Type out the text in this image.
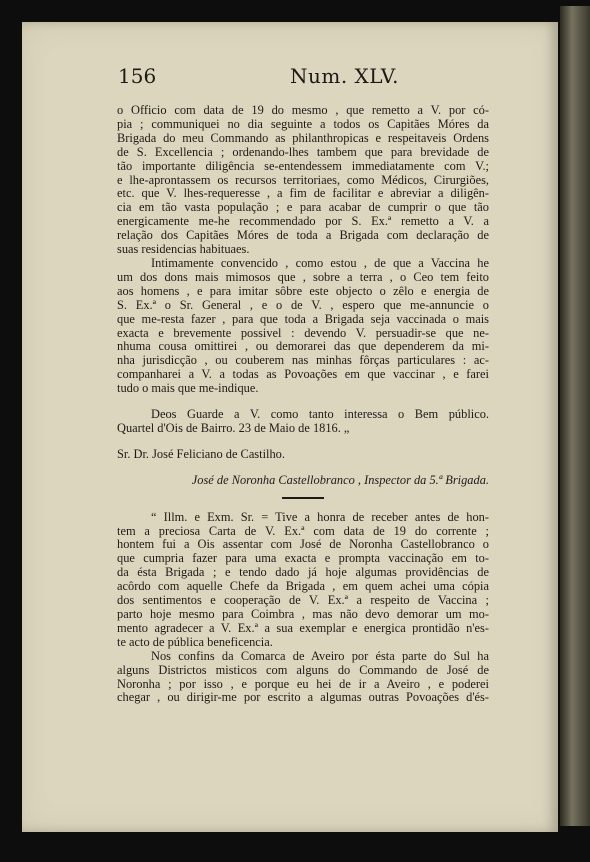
156	Num. XLV.
o Officio com data de 19 do mesmo , que remetto a V. por có-
pia ; communiquei no dia seguinte a todos os Capitães Móres da
Brigada do meu Commando as philanthropicas e respeitaveis Ordens
de S. Excellencia ; ordenando-lhes tambem que para brevidade de
tão importante diligência se-entendessem immediatamente com V.;
e lhe-aprontassem os recursos territoriaes, como Médicos, Cirurgiões,
etc. que V. lhes-requeresse , a fim de facilitar e abreviar a diligên-
cia em tão vasta população ; e para acabar de cumprir o que tão
energicamente me-he recommendado por S. Ex.ª remetto a V. a
relação dos Capitães Móres de toda a Brigada com declaração de
suas residencias habituaes.
Intimamente convencido , como estou , de que a Vaccina he
um dos dons mais mimosos que , sobre a terra , o Ceo tem feito
aos homens , e para imitar sôbre este objecto o zêlo e energia de
S. Ex.ª o Sr. General , e o de V. , espero que me-annuncie o
que me-resta fazer , para que toda a Brigada seja vaccinada o mais
exacta e brevemente possivel : devendo V. persuadir-se que ne-
nhuma cousa omittirei , ou demorarei das que dependerem da mi-
nha jurisdicção , ou couberem nas minhas fôrças particulares : ac-
companharei a V. a todas as Povoações em que vaccinar , e farei
tudo o mais que me-indique.
Deos Guarde a V. como tanto interessa o Bem público.
Quartel d'Ois de Bairro. 23 de Maio de 1816. „
Sr. Dr. José Feliciano de Castilho.
José de Noronha Castellobranco , Inspector da 5.ª Brigada.
“ Illm. e Exm. Sr. = Tive a honra de receber antes de hon-
tem a preciosa Carta de V. Ex.ª com data de 19 do corrente ;
hontem fui a Ois assentar com José de Noronha Castellobranco o
que cumpria fazer para uma exacta e prompta vaccinação em to-
da ésta Brigada ; e tendo dado já hoje algumas providências de
acôrdo com aquelle Chefe da Brigada , em quem achei uma cópia
dos sentimentos e cooperação de V. Ex.ª a respeito de Vaccina ;
parto hoje mesmo para Coimbra , mas não devo demorar um mo-
mento agradecer a V. Ex.ª a sua exemplar e energica prontidão n'es-
te acto de pública beneficencia.
Nos confins da Comarca de Aveiro por ésta parte do Sul ha
alguns Districtos misticos com alguns do Commando de José de
Noronha ; por isso , e porque eu hei de ir a Aveiro , e poderei
chegar , ou dirigir-me por escrito a algumas outras Povoações d'és-
